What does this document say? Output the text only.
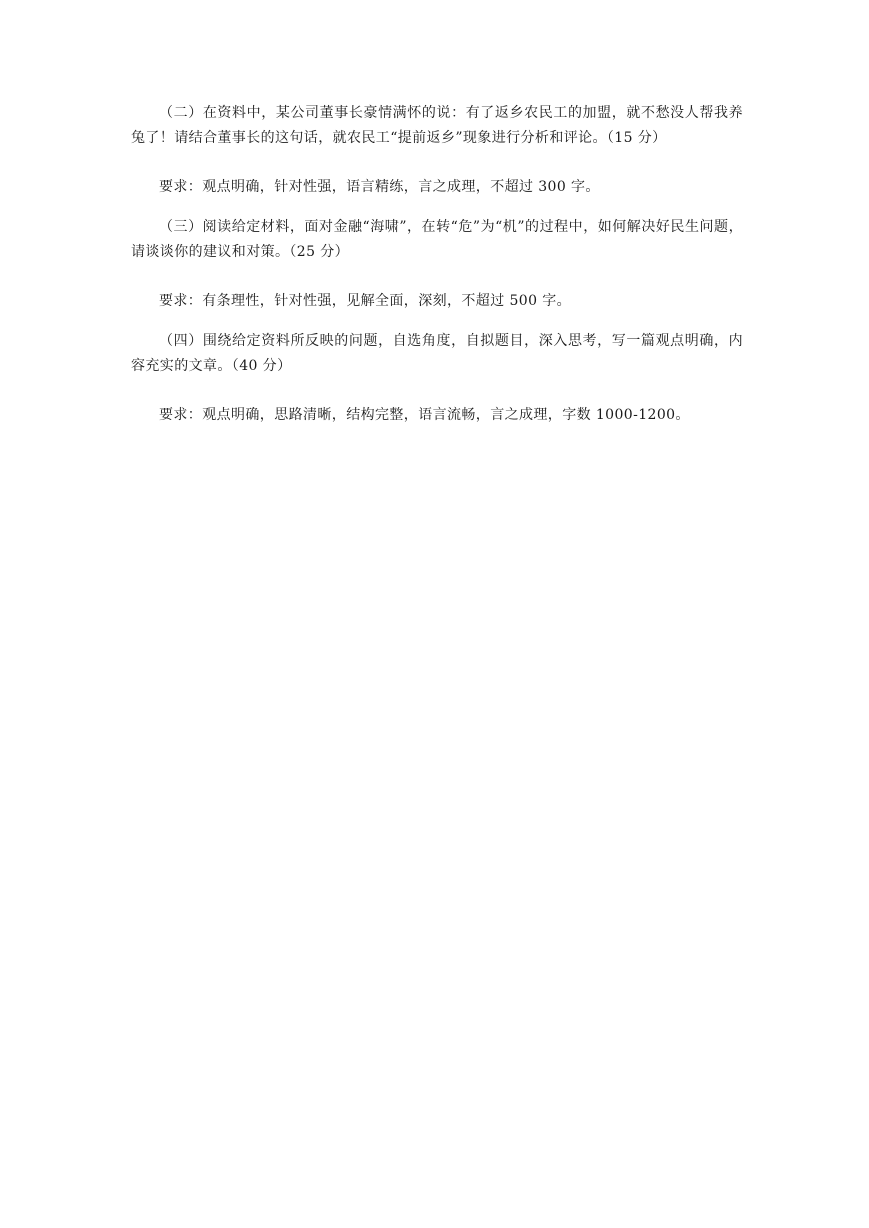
（二）在资料中，某公司董事长豪情满怀的说：有了返乡农民工的加盟，就不愁没人帮我养兔了！请结合董事长的这句话，就农民工“提前返乡”现象进行分析和评论。（15 分）

要求：观点明确，针对性强，语言精练，言之成理，不超过 300 字。

（三）阅读给定材料，面对金融“海啸”，在转“危”为“机”的过程中，如何解决好民生问题，请谈谈你的建议和对策。（25 分）

要求：有条理性，针对性强，见解全面，深刻，不超过 500 字。

（四）围绕给定资料所反映的问题，自选角度，自拟题目，深入思考，写一篇观点明确，内容充实的文章。（40 分）

要求：观点明确，思路清晰，结构完整，语言流畅，言之成理，字数 1000-1200。
